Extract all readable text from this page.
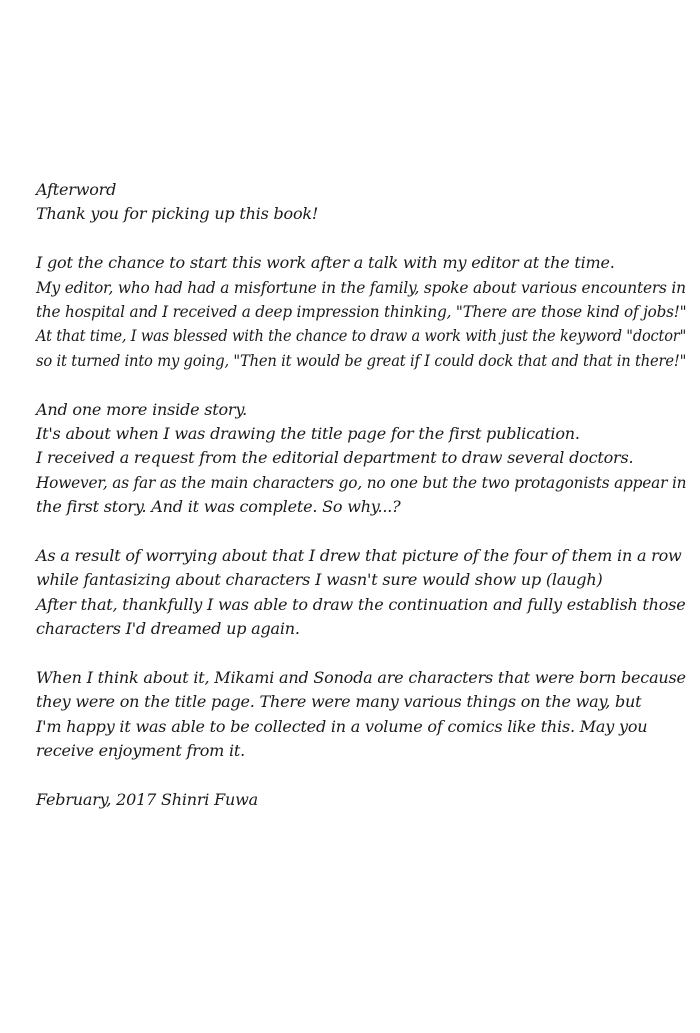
Afterword
Thank you for picking up this book!
I got the chance to start this work after a talk with my editor at the time.
My editor, who had had a misfortune in the family, spoke about various encounters in
the hospital and I received a deep impression thinking, "There are those kind of jobs!"
At that time, I was blessed with the chance to draw a work with just the keyword "doctor"
so it turned into my going, "Then it would be great if I could dock that and that in there!"
And one more inside story.
It's about when I was drawing the title page for the first publication.
I received a request from the editorial department to draw several doctors.
However, as far as the main characters go, no one but the two protagonists appear in
the first story. And it was complete. So why...?
As a result of worrying about that I drew that picture of the four of them in a row
while fantasizing about characters I wasn't sure would show up (laugh)
After that, thankfully I was able to draw the continuation and fully establish those
characters I'd dreamed up again.
When I think about it, Mikami and Sonoda are characters that were born because
they were on the title page. There were many various things on the way, but
I'm happy it was able to be collected in a volume of comics like this. May you
receive enjoyment from it.
February, 2017 Shinri Fuwa
